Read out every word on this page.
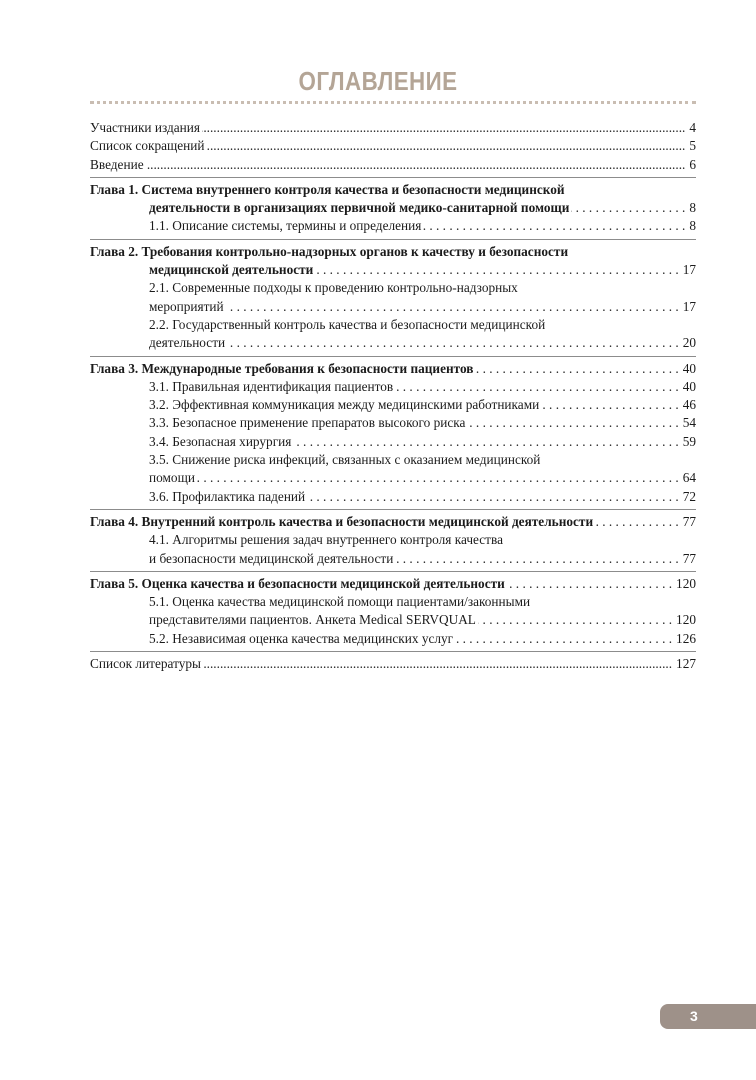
ОГЛАВЛЕНИЕ
Участники издания .....	4
Список сокращений .....	5
Введение .....	6
Глава 1. Система внутреннего контроля качества и безопасности медицинской
деятельности в организациях первичной медико-санитарной помощи . . .	8
1.1. Описание системы, термины и определения . . .	8
Глава 2. Требования контрольно-надзорных органов к качеству и безопасности
медицинской деятельности . . .	17
2.1. Современные подходы к проведению контрольно-надзорных
мероприятий . . .	17
2.2. Государственный контроль качества и безопасности медицинской
деятельности . . .	20
Глава 3. Международные требования к безопасности пациентов . . .	40
3.1. Правильная идентификация пациентов . . .	40
3.2. Эффективная коммуникация между медицинскими работниками . . .	46
3.3. Безопасное применение препаратов высокого риска . . .	54
3.4. Безопасная хирургия . . .	59
3.5. Снижение риска инфекций, связанных с оказанием медицинской
помощи . . .	64
3.6. Профилактика падений . . .	72
Глава 4. Внутренний контроль качества и безопасности медицинской деятельности . . .	77
4.1. Алгоритмы решения задач внутреннего контроля качества
и безопасности медицинской деятельности . . .	77
Глава 5. Оценка качества и безопасности медицинской деятельности . . .	120
5.1. Оценка качества медицинской помощи пациентами/законными
представителями пациентов. Анкета Medical SERVQUAL . . .	120
5.2. Независимая оценка качества медицинских услуг . . .	126
Список литературы .....	127
3
